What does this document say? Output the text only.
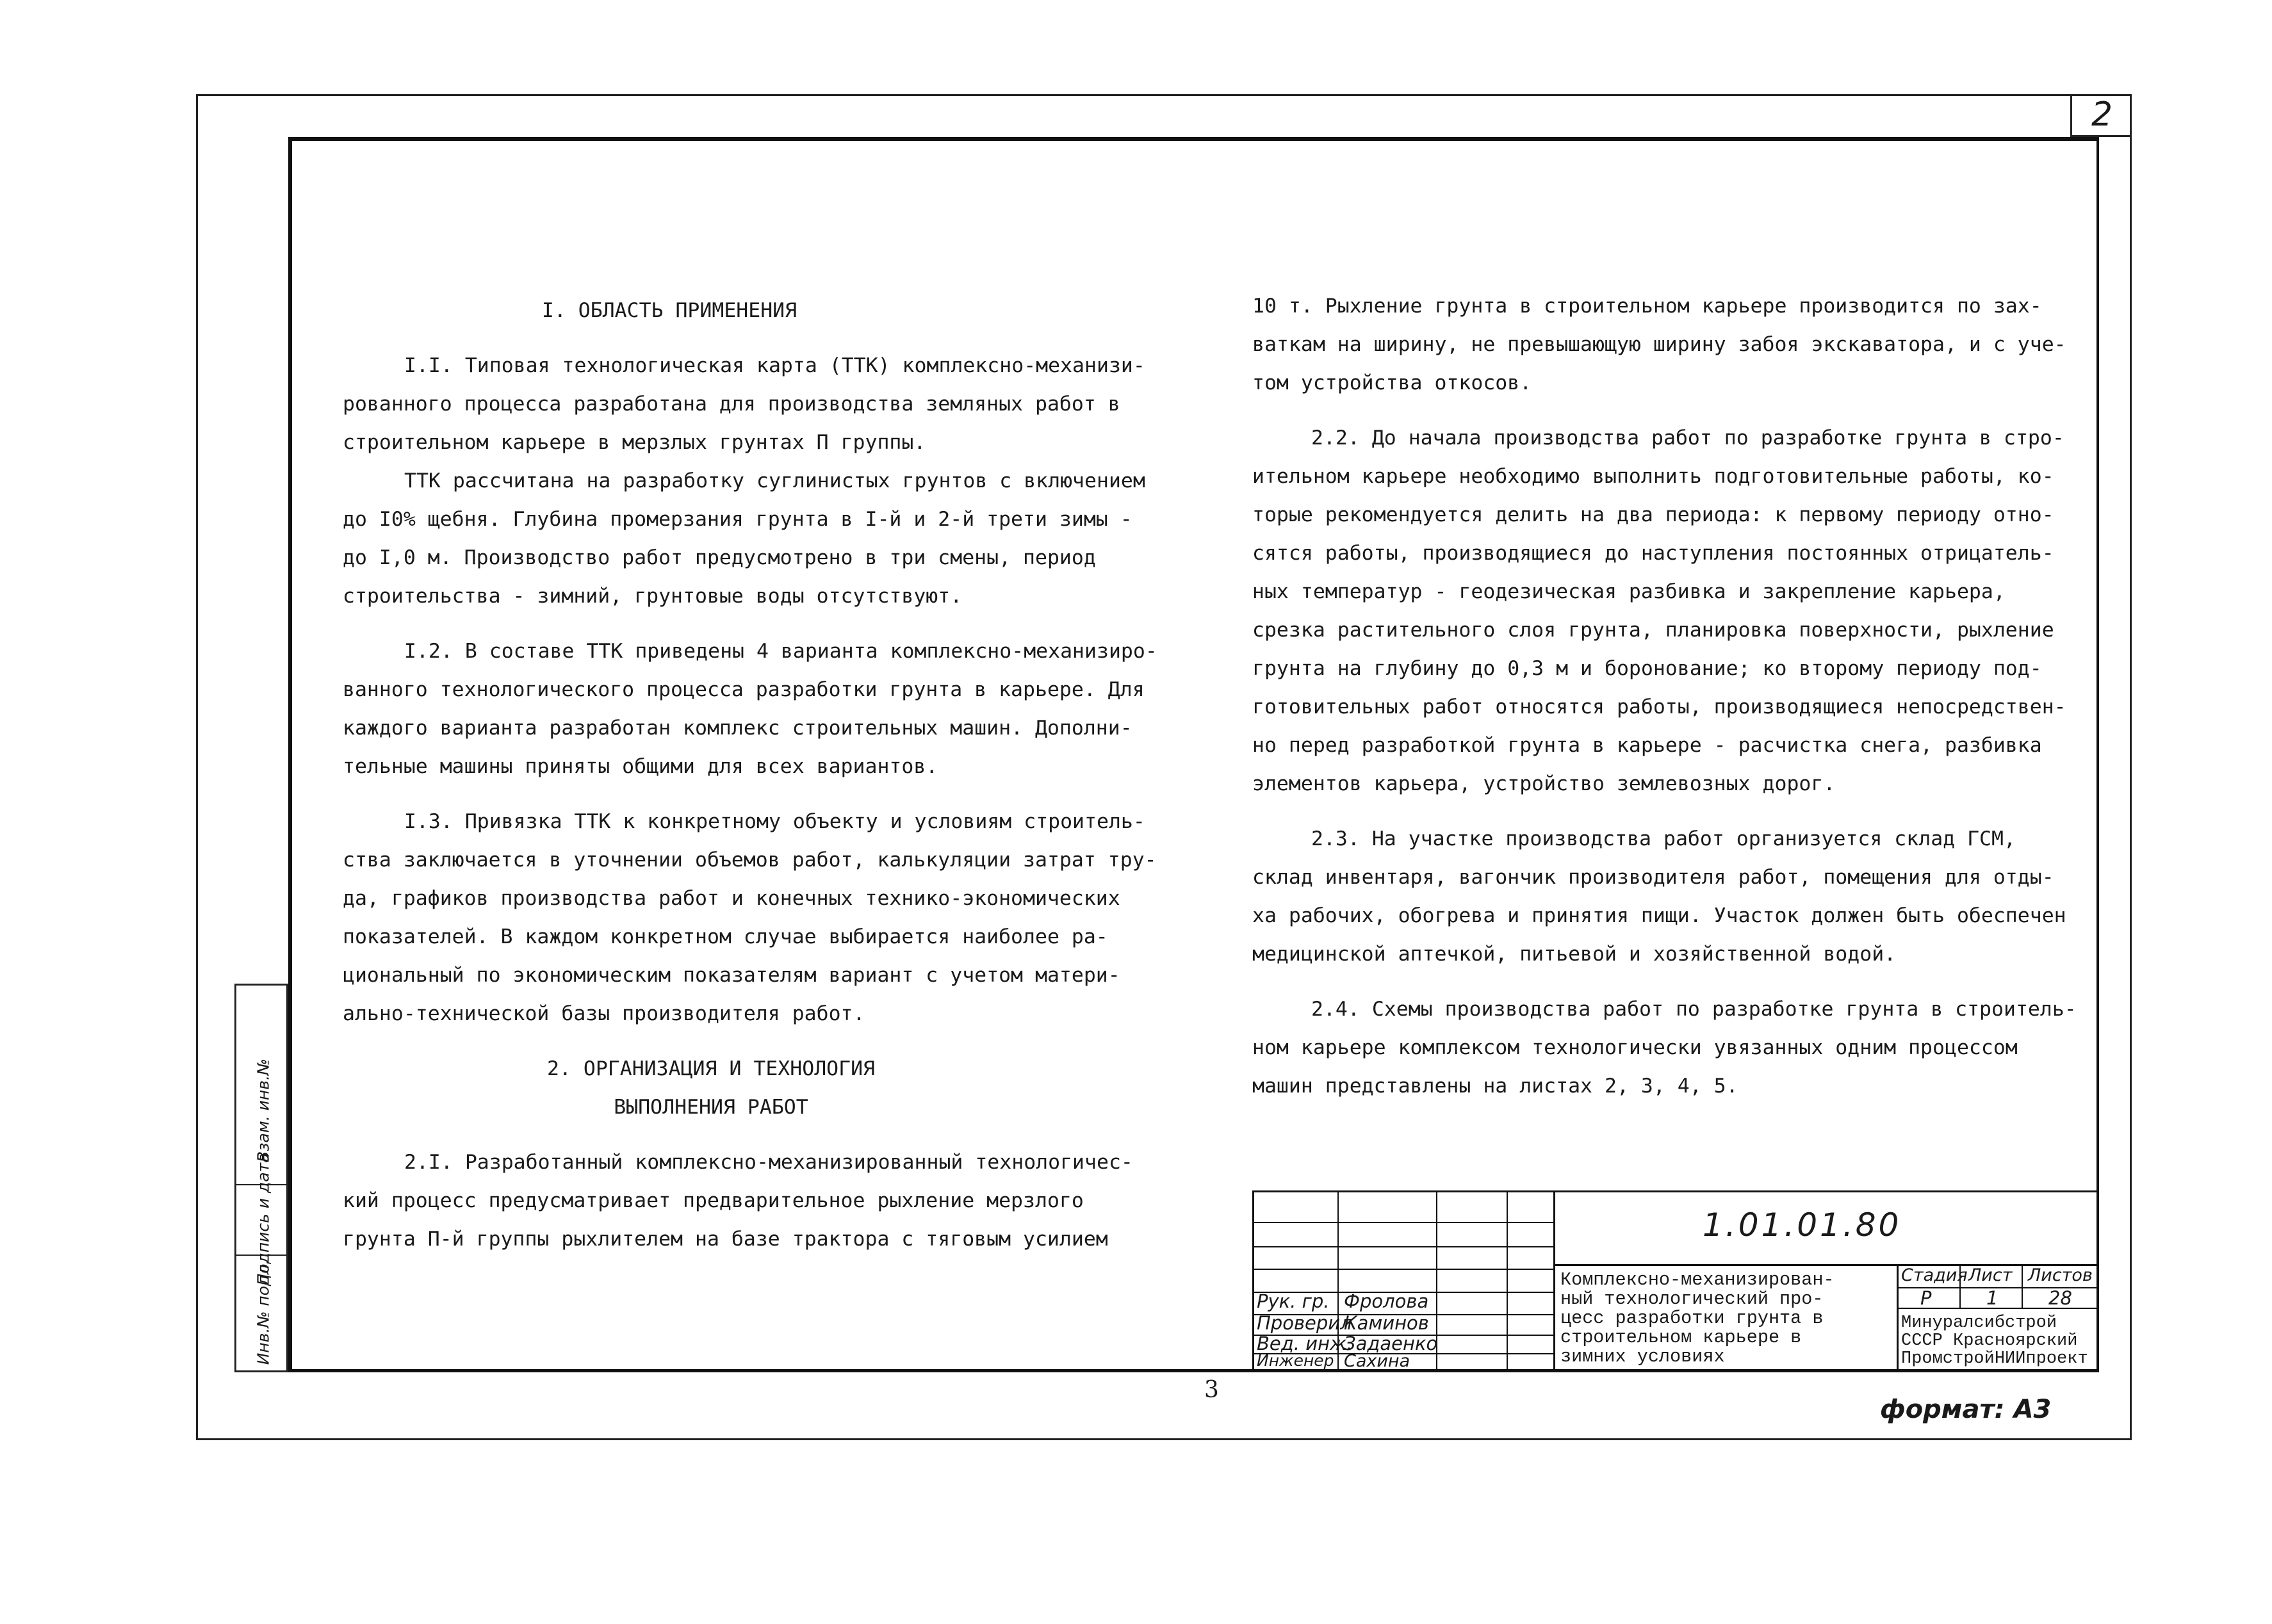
2

I. ОБЛАСТЬ ПРИМЕНЕНИЯ

I.I. Типовая технологическая карта (ТТК) комплексно-механизи-

рованного процесса разработана для производства земляных работ в

строительном карьере в мерзлых грунтах П группы.

ТТК рассчитана на разработку суглинистых грунтов с включением

до I0% щебня. Глубина промерзания грунта в I-й и 2-й трети зимы -

до I,0 м. Производство работ предусмотрено в три смены, период

строительства - зимний, грунтовые воды отсутствуют.

I.2. В составе ТТК приведены 4 варианта комплексно-механизиро-

ванного технологического процесса разработки грунта в карьере. Для

каждого варианта разработан комплекс строительных машин. Дополни-

тельные машины приняты общими для всех вариантов.

I.3. Привязка ТТК к конкретному объекту и условиям строитель-

ства заключается в уточнении объемов работ, калькуляции затрат тру-

да, графиков производства работ и конечных технико-экономических

показателей. В каждом конкретном случае выбирается наиболее ра-

циональный по экономическим показателям вариант с учетом матери-

ально-технической базы производителя работ.

2. ОРГАНИЗАЦИЯ И ТЕХНОЛОГИЯ

ВЫПОЛНЕНИЯ РАБОТ

2.I. Разработанный комплексно-механизированный технологичес-

кий процесс предусматривает предварительное рыхление мерзлого

грунта П-й группы рыхлителем на базе трактора с тяговым усилием

10 т. Рыхление грунта в строительном карьере производится по зах-

ваткам на ширину, не превышающую ширину забоя экскаватора, и с уче-

том устройства откосов.

2.2. До начала производства работ по разработке грунта в стро-

ительном карьере необходимо выполнить подготовительные работы, ко-

торые рекомендуется делить на два периода: к первому периоду отно-

сятся работы, производящиеся до наступления постоянных отрицатель-

ных температур - геодезическая разбивка и закрепление карьера,

срезка растительного слоя грунта, планировка поверхности, рыхление

грунта на глубину до 0,3 м и боронование; ко второму периоду под-

готовительных работ относятся работы, производящиеся непосредствен-

но перед разработкой грунта в карьере - расчистка снега, разбивка

элементов карьера, устройство землевозных дорог.

2.3. На участке производства работ организуется склад ГСМ,

склад инвентаря, вагончик производителя работ, помещения для отды-

ха рабочих, обогрева и принятия пищи. Участок должен быть обеспечен

медицинской аптечкой, питьевой и хозяйственной водой.

2.4. Схемы производства работ по разработке грунта в строитель-

ном карьере комплексом технологически увязанных одним процессом

машин представлены на листах 2, 3, 4, 5.

Инв.№ подл.
Подпись и дата
Взам. инв.№
Рук. гр. Фролова
Проверил
Каминов
Вед. инж.
Задаенко
Инженер Сахина
1.01.01.80
Комплексно-механизирован-
ный технологический про-
цесс разработки грунта в
строительном карьере в
зимних условиях
Стадия Лист Листов
Р	1	28
Минуралсибстрой
СССР Красноярский
ПромстройНИИпроект
3
формат: А3
